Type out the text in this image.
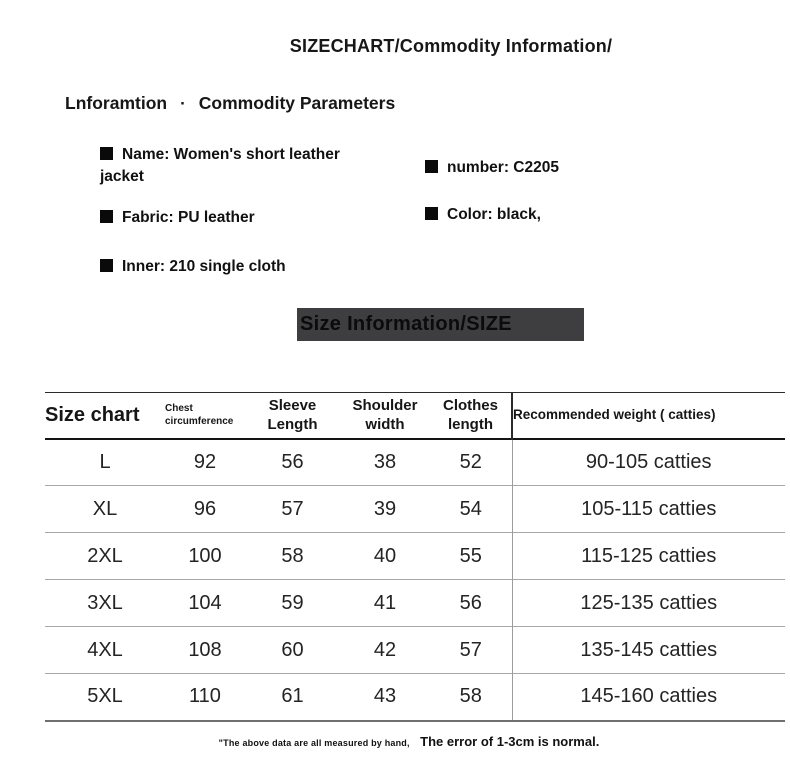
SIZECHART/Commodity Information/
Lnforamtion · Commodity Parameters
Name: Women's short leather jacket
number: C2205
Fabric: PU leather	Color: black,
Inner: 210 single cloth
Size Information/SIZE
Size chart	Chest circumference	Sleeve Length	Shoulder width	Clothes length	Recommended weight ( catties)
L	92	56	38	52	90-105 catties
XL	96	57	39	54	105-115 catties
2XL	100	58	40	55	115-125 catties
3XL	104	59	41	56	125-135 catties
4XL	108	60	42	57	135-145 catties
5XL	110	61	43	58	145-160 catties
"The above data are all measured by hand, The error of 1-3cm is normal.
